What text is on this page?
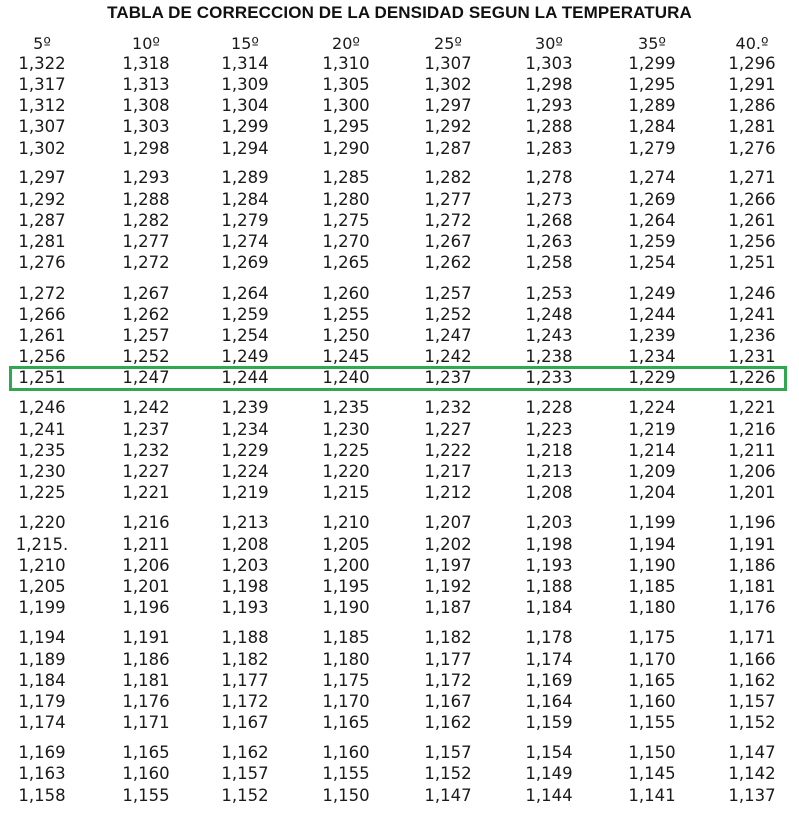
TABLA DE CORRECCION DE LA DENSIDAD SEGUN LA TEMPERATURA
5º	10º	15º	20º	25º	30º	35º	40.º
1,322	1,318	1,314	1,310	1,307	1,303	1,299	1,296
1,317	1,313	1,309	1,305	1,302	1,298	1,295	1,291
1,312	1,308	1,304	1,300	1,297	1,293	1,289	1,286
1,307	1,303	1,299	1,295	1,292	1,288	1,284	1,281
1,302	1,298	1,294	1,290	1,287	1,283	1,279	1,276
1,297	1,293	1,289	1,285	1,282	1,278	1,274	1,271
1,292	1,288	1,284	1,280	1,277	1,273	1,269	1,266
1,287	1,282	1,279	1,275	1,272	1,268	1,264	1,261
1,281	1,277	1,274	1,270	1,267	1,263	1,259	1,256
1,276	1,272	1,269	1,265	1,262	1,258	1,254	1,251
1,272	1,267	1,264	1,260	1,257	1,253	1,249	1,246
1,266	1,262	1,259	1,255	1,252	1,248	1,244	1,241
1,261	1,257	1,254	1,250	1,247	1,243	1,239	1,236
1,256	1,252	1,249	1,245	1,242	1,238	1,234	1,231
1,251	1,247	1,244	1,240	1,237	1,233	1,229	1,226
1,246	1,242	1,239	1,235	1,232	1,228	1,224	1,221
1,241	1,237	1,234	1,230	1,227	1,223	1,219	1,216
1,235	1,232	1,229	1,225	1,222	1,218	1,214	1,211
1,230	1,227	1,224	1,220	1,217	1,213	1,209	1,206
1,225	1,221	1,219	1,215	1,212	1,208	1,204	1,201
1,220	1,216	1,213	1,210	1,207	1,203	1,199	1,196
1,215.	1,211	1,208	1,205	1,202	1,198	1,194	1,191
1,210	1,206	1,203	1,200	1,197	1,193	1,190	1,186
1,205	1,201	1,198	1,195	1,192	1,188	1,185	1,181
1,199	1,196	1,193	1,190	1,187	1,184	1,180	1,176
1,194	1,191	1,188	1,185	1,182	1,178	1,175	1,171
1,189	1,186	1,182	1,180	1,177	1,174	1,170	1,166
1,184	1,181	1,177	1,175	1,172	1,169	1,165	1,162
1,179	1,176	1,172	1,170	1,167	1,164	1,160	1,157
1,174	1,171	1,167	1,165	1,162	1,159	1,155	1,152
1,169	1,165	1,162	1,160	1,157	1,154	1,150	1,147
1,163	1,160	1,157	1,155	1,152	1,149	1,145	1,142
1,158	1,155	1,152	1,150	1,147	1,144	1,141	1,137
